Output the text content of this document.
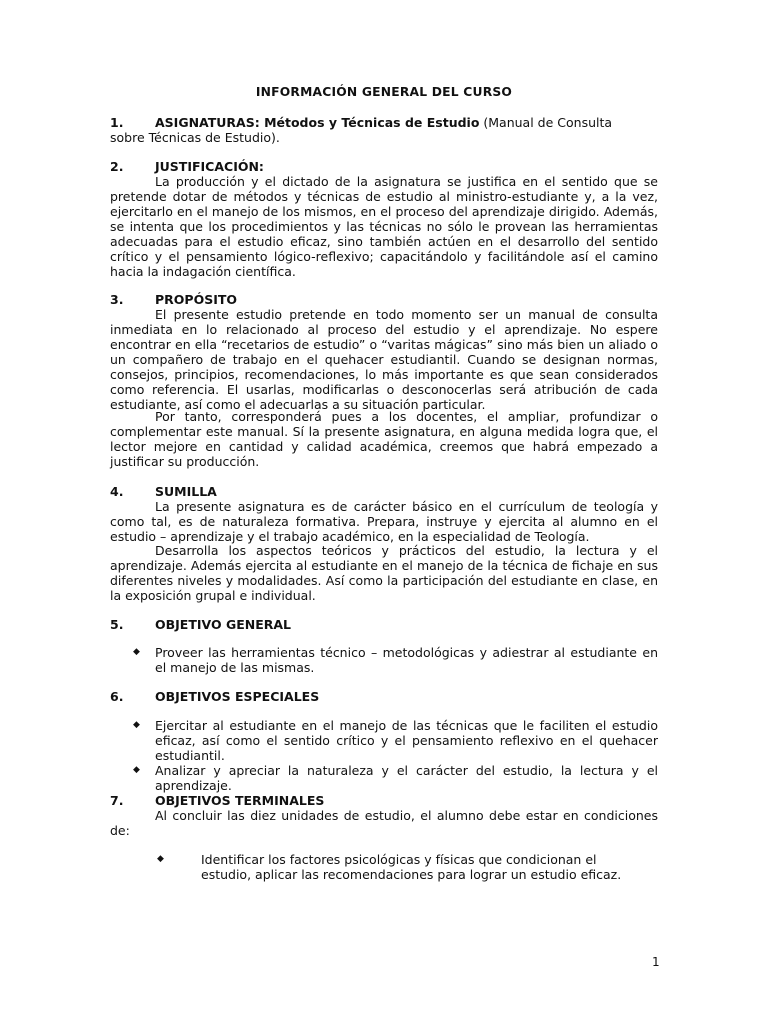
INFORMACIÓN GENERAL DEL CURSO
1.	ASIGNATURAS: Métodos y Técnicas de Estudio (Manual de Consulta
sobre Técnicas de Estudio).
2.	JUSTIFICACIÓN:
La producción y el dictado de la asignatura se justifica en el sentido que se pretende dotar de métodos y técnicas de estudio al ministro-estudiante y, a la vez, ejercitarlo en el manejo de los mismos, en el proceso del aprendizaje dirigido. Además, se intenta que los procedimientos y las técnicas no sólo le provean las herramientas adecuadas para el estudio eficaz, sino también actúen en el desarrollo del sentido crítico y el pensamiento lógico-reflexivo; capacitándolo y facilitándole así el camino hacia la indagación científica.
3.	PROPÓSITO
El presente estudio pretende en todo momento ser un manual de consulta inmediata en lo relacionado al proceso del estudio y el aprendizaje. No espere encontrar en ella “recetarios de estudio” o “varitas mágicas” sino más bien un aliado o un compañero de trabajo en el quehacer estudiantil. Cuando se designan normas, consejos, principios, recomendaciones, lo más importante es que sean considerados como referencia. El usarlas, modificarlas o desconocerlas será atribución de cada estudiante, así como el adecuarlas a su situación particular.
Por tanto, corresponderá pues a los docentes, el ampliar, profundizar o complementar este manual. Sí la presente asignatura, en alguna medida logra que, el lector mejore en cantidad y calidad académica, creemos que habrá empezado a justificar su producción.
4.	SUMILLA
La presente asignatura es de carácter básico en el currículum de teología y como tal, es de naturaleza formativa. Prepara, instruye y ejercita al alumno en el estudio – aprendizaje y el trabajo académico, en la especialidad de Teología.
Desarrolla los aspectos teóricos y prácticos del estudio, la lectura y el aprendizaje. Además ejercita al estudiante en el manejo de la técnica de fichaje en sus diferentes niveles y modalidades. Así como la participación del estudiante en clase, en la exposición grupal e individual.
5.	OBJETIVO GENERAL
◆ Proveer las herramientas técnico – metodológicas y adiestrar al estudiante en el manejo de las mismas.
6.	OBJETIVOS ESPECIALES
◆ Ejercitar al estudiante en el manejo de las técnicas que le faciliten el estudio eficaz, así como el sentido crítico y el pensamiento reflexivo en el quehacer estudiantil.
◆ Analizar y apreciar la naturaleza y el carácter del estudio, la lectura y el aprendizaje.
7.	OBJETIVOS TERMINALES
Al concluir las diez unidades de estudio, el alumno debe estar en condiciones de:
◆	Identificar los factores psicológicas y físicas que condicionan el estudio, aplicar las recomendaciones para lograr un estudio eficaz.
1
